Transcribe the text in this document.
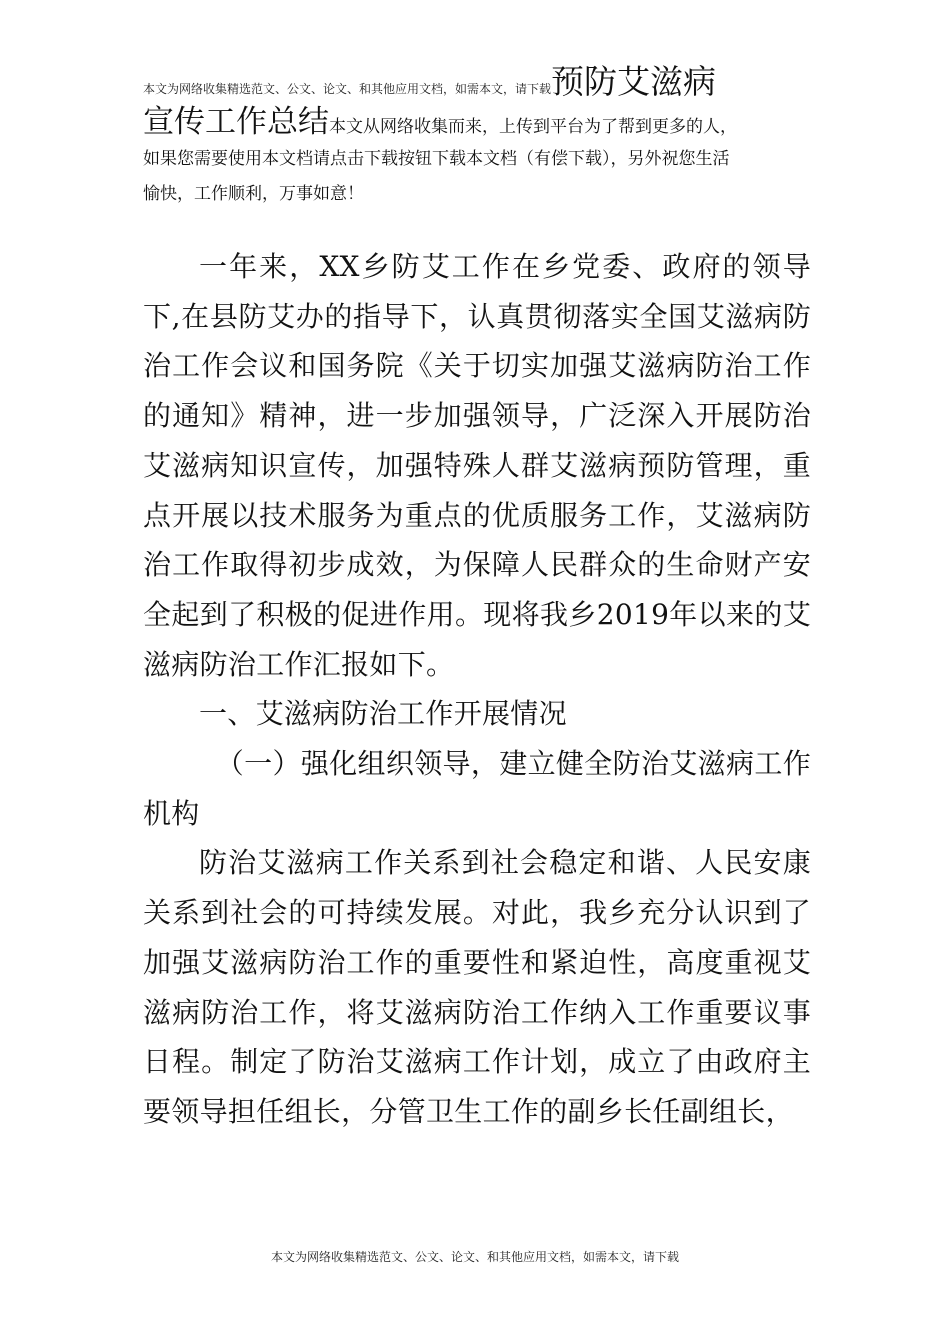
本文为网络收集精选范文、公文、论文、和其他应用文档，如需本文，请下载预防艾滋病
宣传工作总结本文从网络收集而来，上传到平台为了帮到更多的人，
如果您需要使用本文档请点击下载按钮下载本文档（有偿下载），另外祝您生活
愉快，工作顺利，万事如意！

一年来，XX乡防艾工作在乡党委、政府的领导下,在县防艾办的指导下，认真贯彻落实全国艾滋病防治工作会议和国务院《关于切实加强艾滋病防治工作的通知》精神，进一步加强领导，广泛深入开展防治艾滋病知识宣传，加强特殊人群艾滋病预防管理，重点开展以技术服务为重点的优质服务工作，艾滋病防治工作取得初步成效，为保障人民群众的生命财产安全起到了积极的促进作用。现将我乡2019年以来的艾滋病防治工作汇报如下。

一、艾滋病防治工作开展情况

（一）强化组织领导，建立健全防治艾滋病工作机构

防治艾滋病工作关系到社会稳定和谐、人民安康关系到社会的可持续发展。对此，我乡充分认识到了加强艾滋病防治工作的重要性和紧迫性，高度重视艾滋病防治工作，将艾滋病防治工作纳入工作重要议事日程。制定了防治艾滋病工作计划，成立了由政府主要领导担任组长，分管卫生工作的副乡长任副组长，

本文为网络收集精选范文、公文、论文、和其他应用文档，如需本文，请下载
